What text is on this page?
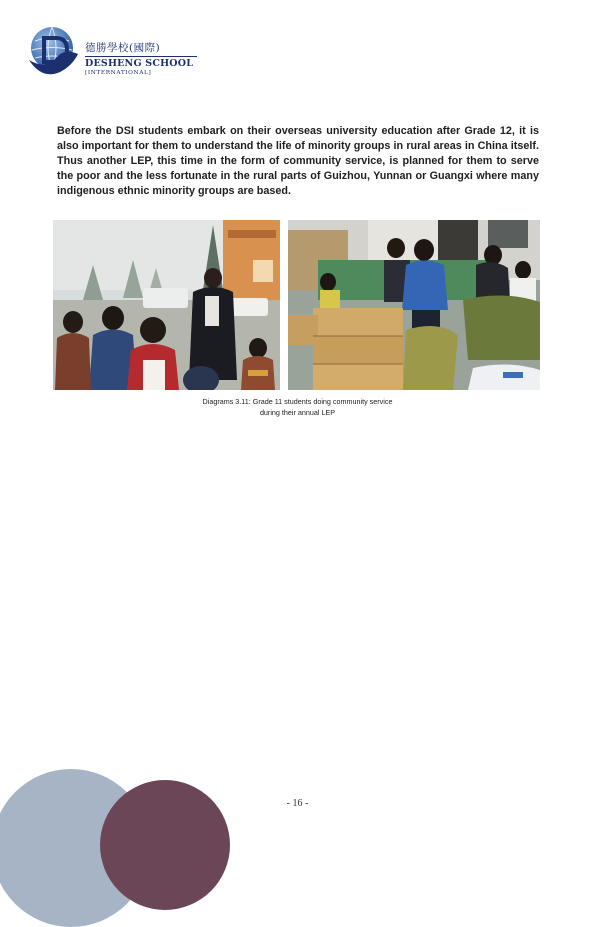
德勝學校(國際)
DESHENG SCHOOL
[INTERNATIONAL]

Before the DSI students embark on their overseas university education after Grade 12, it is also important for them to understand the life of minority groups in rural areas in China itself. Thus another LEP, this time in the form of community service, is planned for them to serve the poor and the less fortunate in the rural parts of Guizhou, Yunnan or Guangxi where many indigenous ethnic minority groups are based.

Diagrams 3.11: Grade 11 students doing community service
during their annual LEP
- 16 -
